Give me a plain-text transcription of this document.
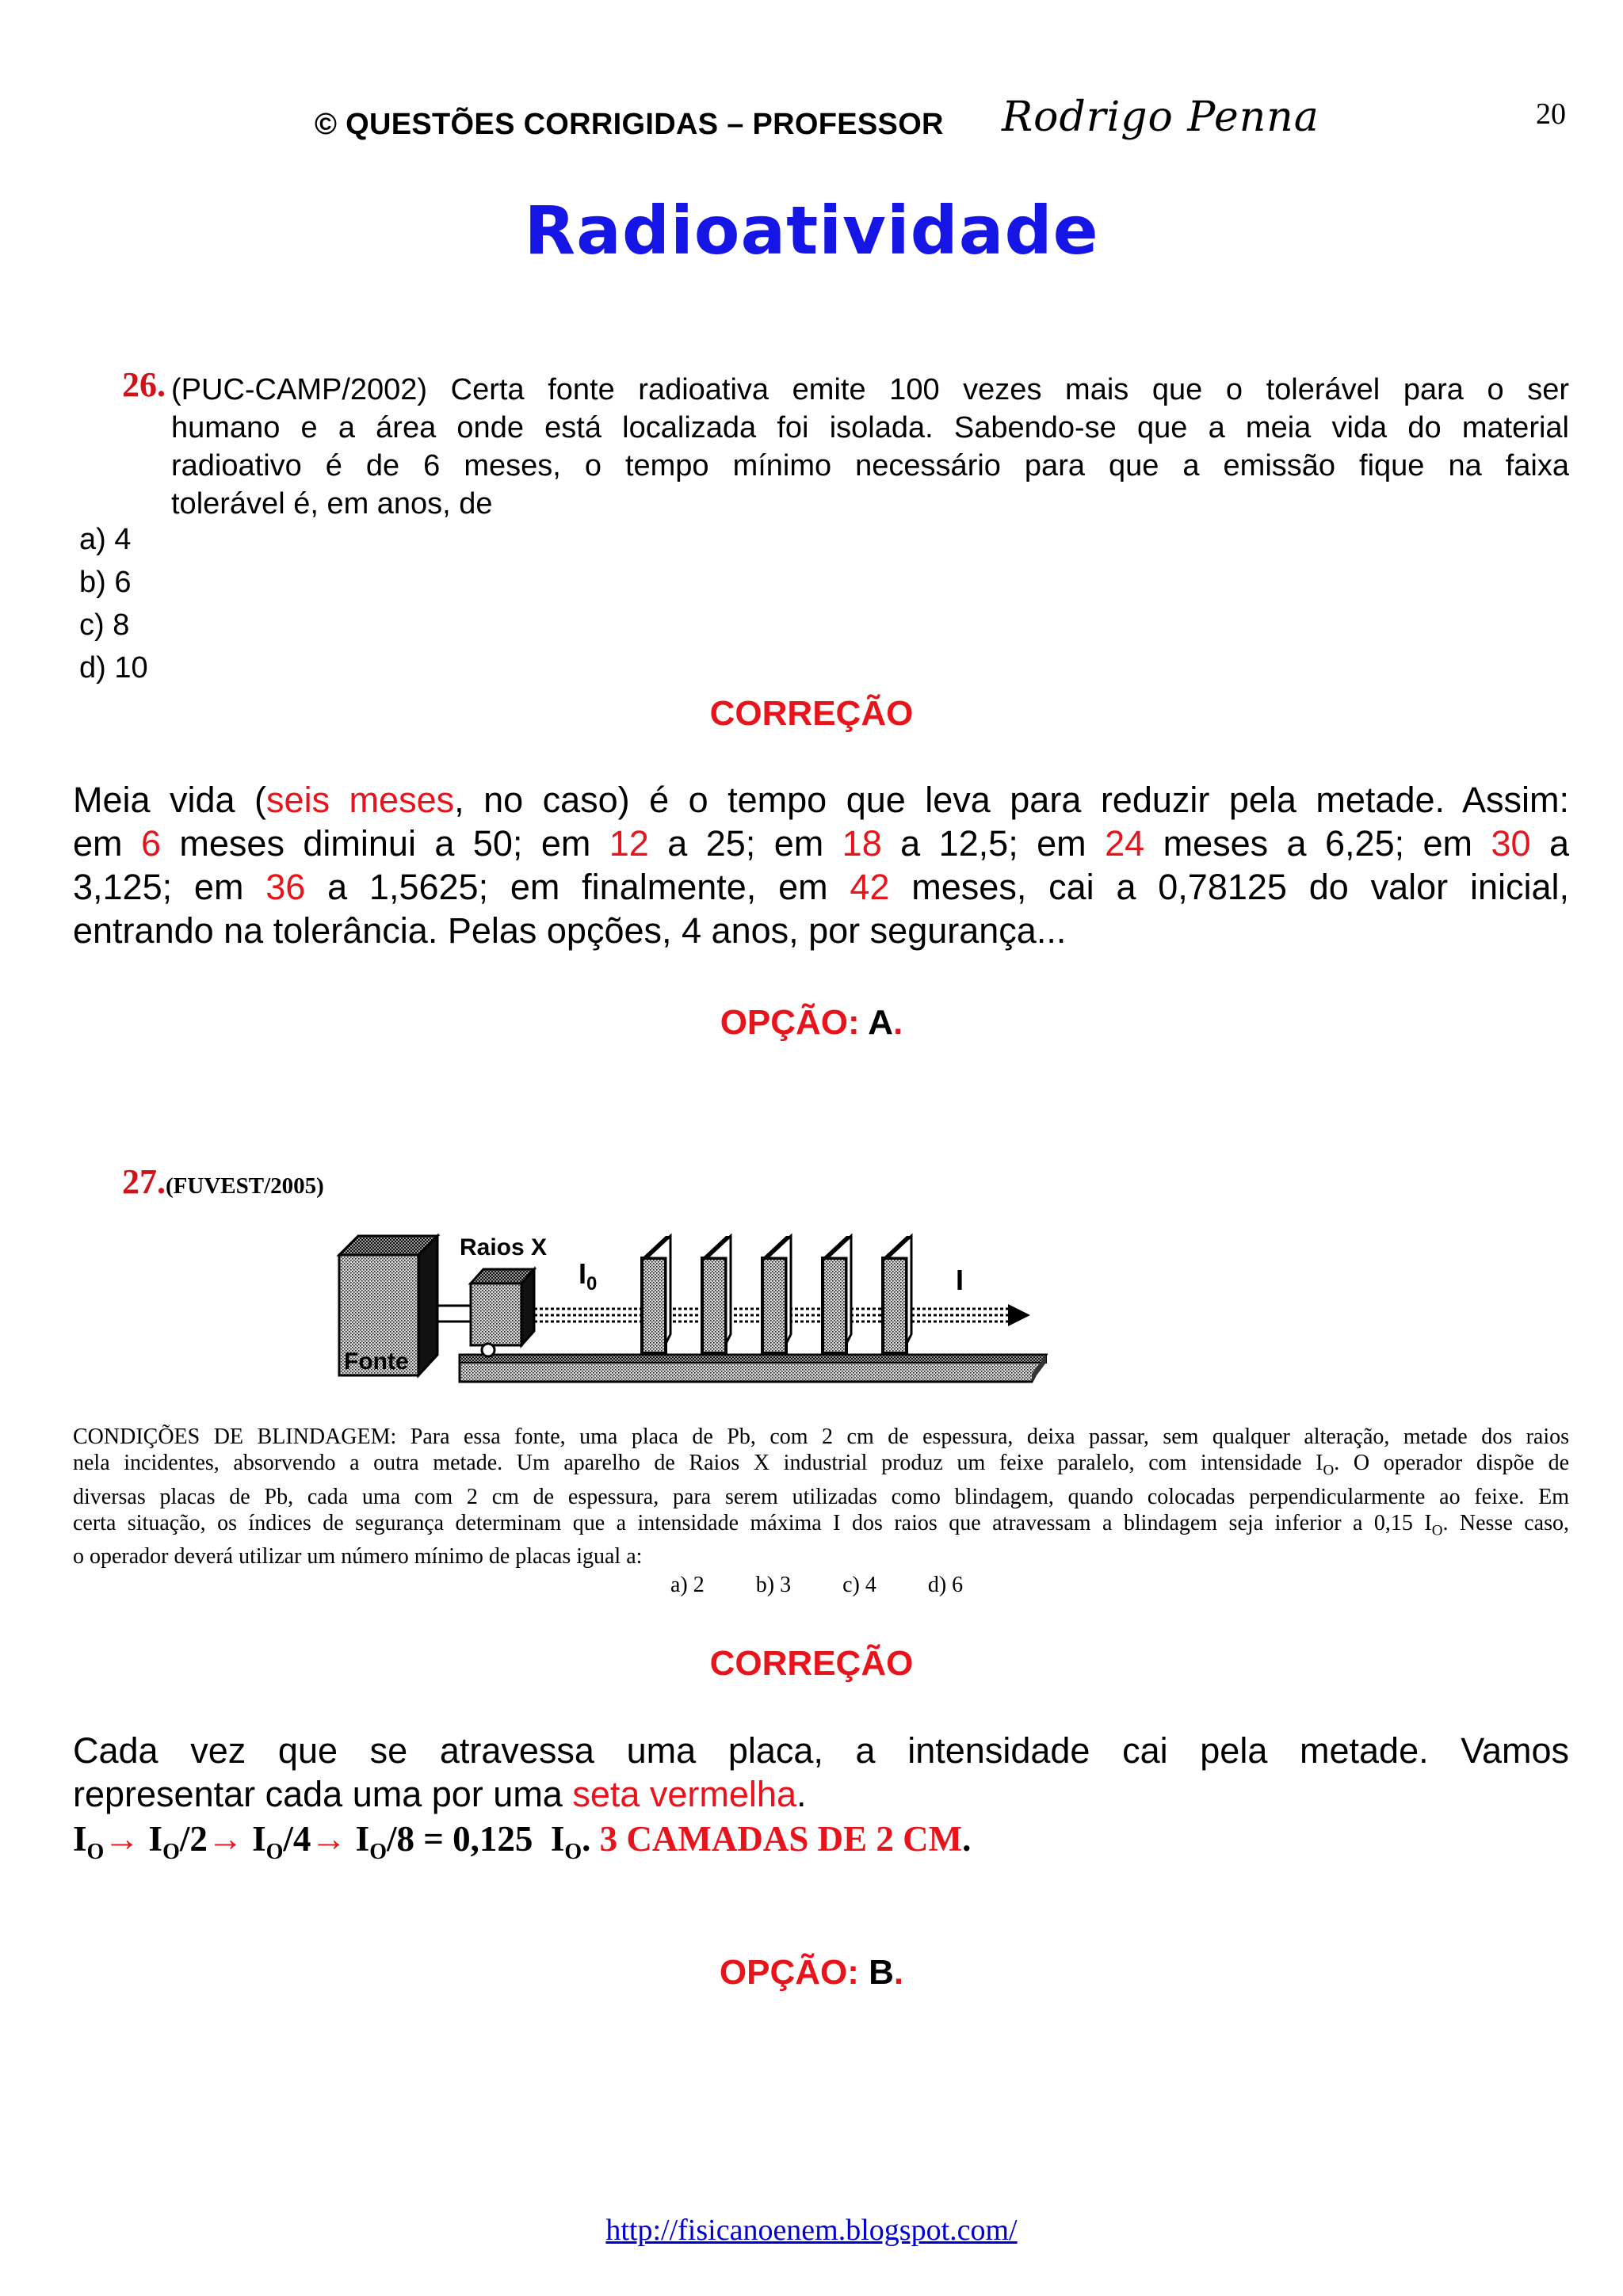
© QUESTÕES CORRIGIDAS – PROFESSOR Rodrigo Penna	20
Radioatividade
26. (PUC-CAMP/2002) Certa fonte radioativa emite 100 vezes mais que o tolerável para o ser
humano e a área onde está localizada foi isolada. Sabendo-se que a meia vida do material
radioativo é de 6 meses, o tempo mínimo necessário para que a emissão fique na faixa
tolerável é, em anos, de
a) 4
b) 6
c) 8
d) 10
CORREÇÃO
Meia vida (seis meses, no caso) é o tempo que leva para reduzir pela metade. Assim:
em 6 meses diminui a 50; em 12 a 25; em 18 a 12,5; em 24 meses a 6,25; em 30 a
3,125; em 36 a 1,5625; em finalmente, em 42 meses, cai a 0,78125 do valor inicial,
entrando na tolerância. Pelas opções, 4 anos, por segurança...
OPÇÃO: A.
27.(FUVEST/2005)
Fonte
Raios X
$I_0$	I
CONDIÇÕES DE BLINDAGEM: Para essa fonte, uma placa de Pb, com 2 cm de espessura, deixa passar, sem qualquer alteração, metade dos raios
nela incidentes, absorvendo a outra metade. Um aparelho de Raios X industrial produz um feixe paralelo, com intensidade $I_O$. O operador dispõe de
diversas placas de Pb, cada uma com 2 cm de espessura, para serem utilizadas como blindagem, quando colocadas perpendicularmente ao feixe. Em
certa situação, os índices de segurança determinam que a intensidade máxima I dos raios que atravessam a blindagem seja inferior a 0,15 $I_O$. Nesse caso,
o operador deverá utilizar um número mínimo de placas igual a:
a) 2 b) 3 c) 4 d) 6
CORREÇÃO
Cada vez que se atravessa uma placa, a intensidade cai pela metade. Vamos
representar cada uma por uma seta vermelha.
$I_O\to I_O/2\to I_O/4\to I_O/8 = 0,125$ $I_O$. 3 CAMADAS DE 2 CM.
OPÇÃO: B.
http://fisicanoenem.blogspot.com/
